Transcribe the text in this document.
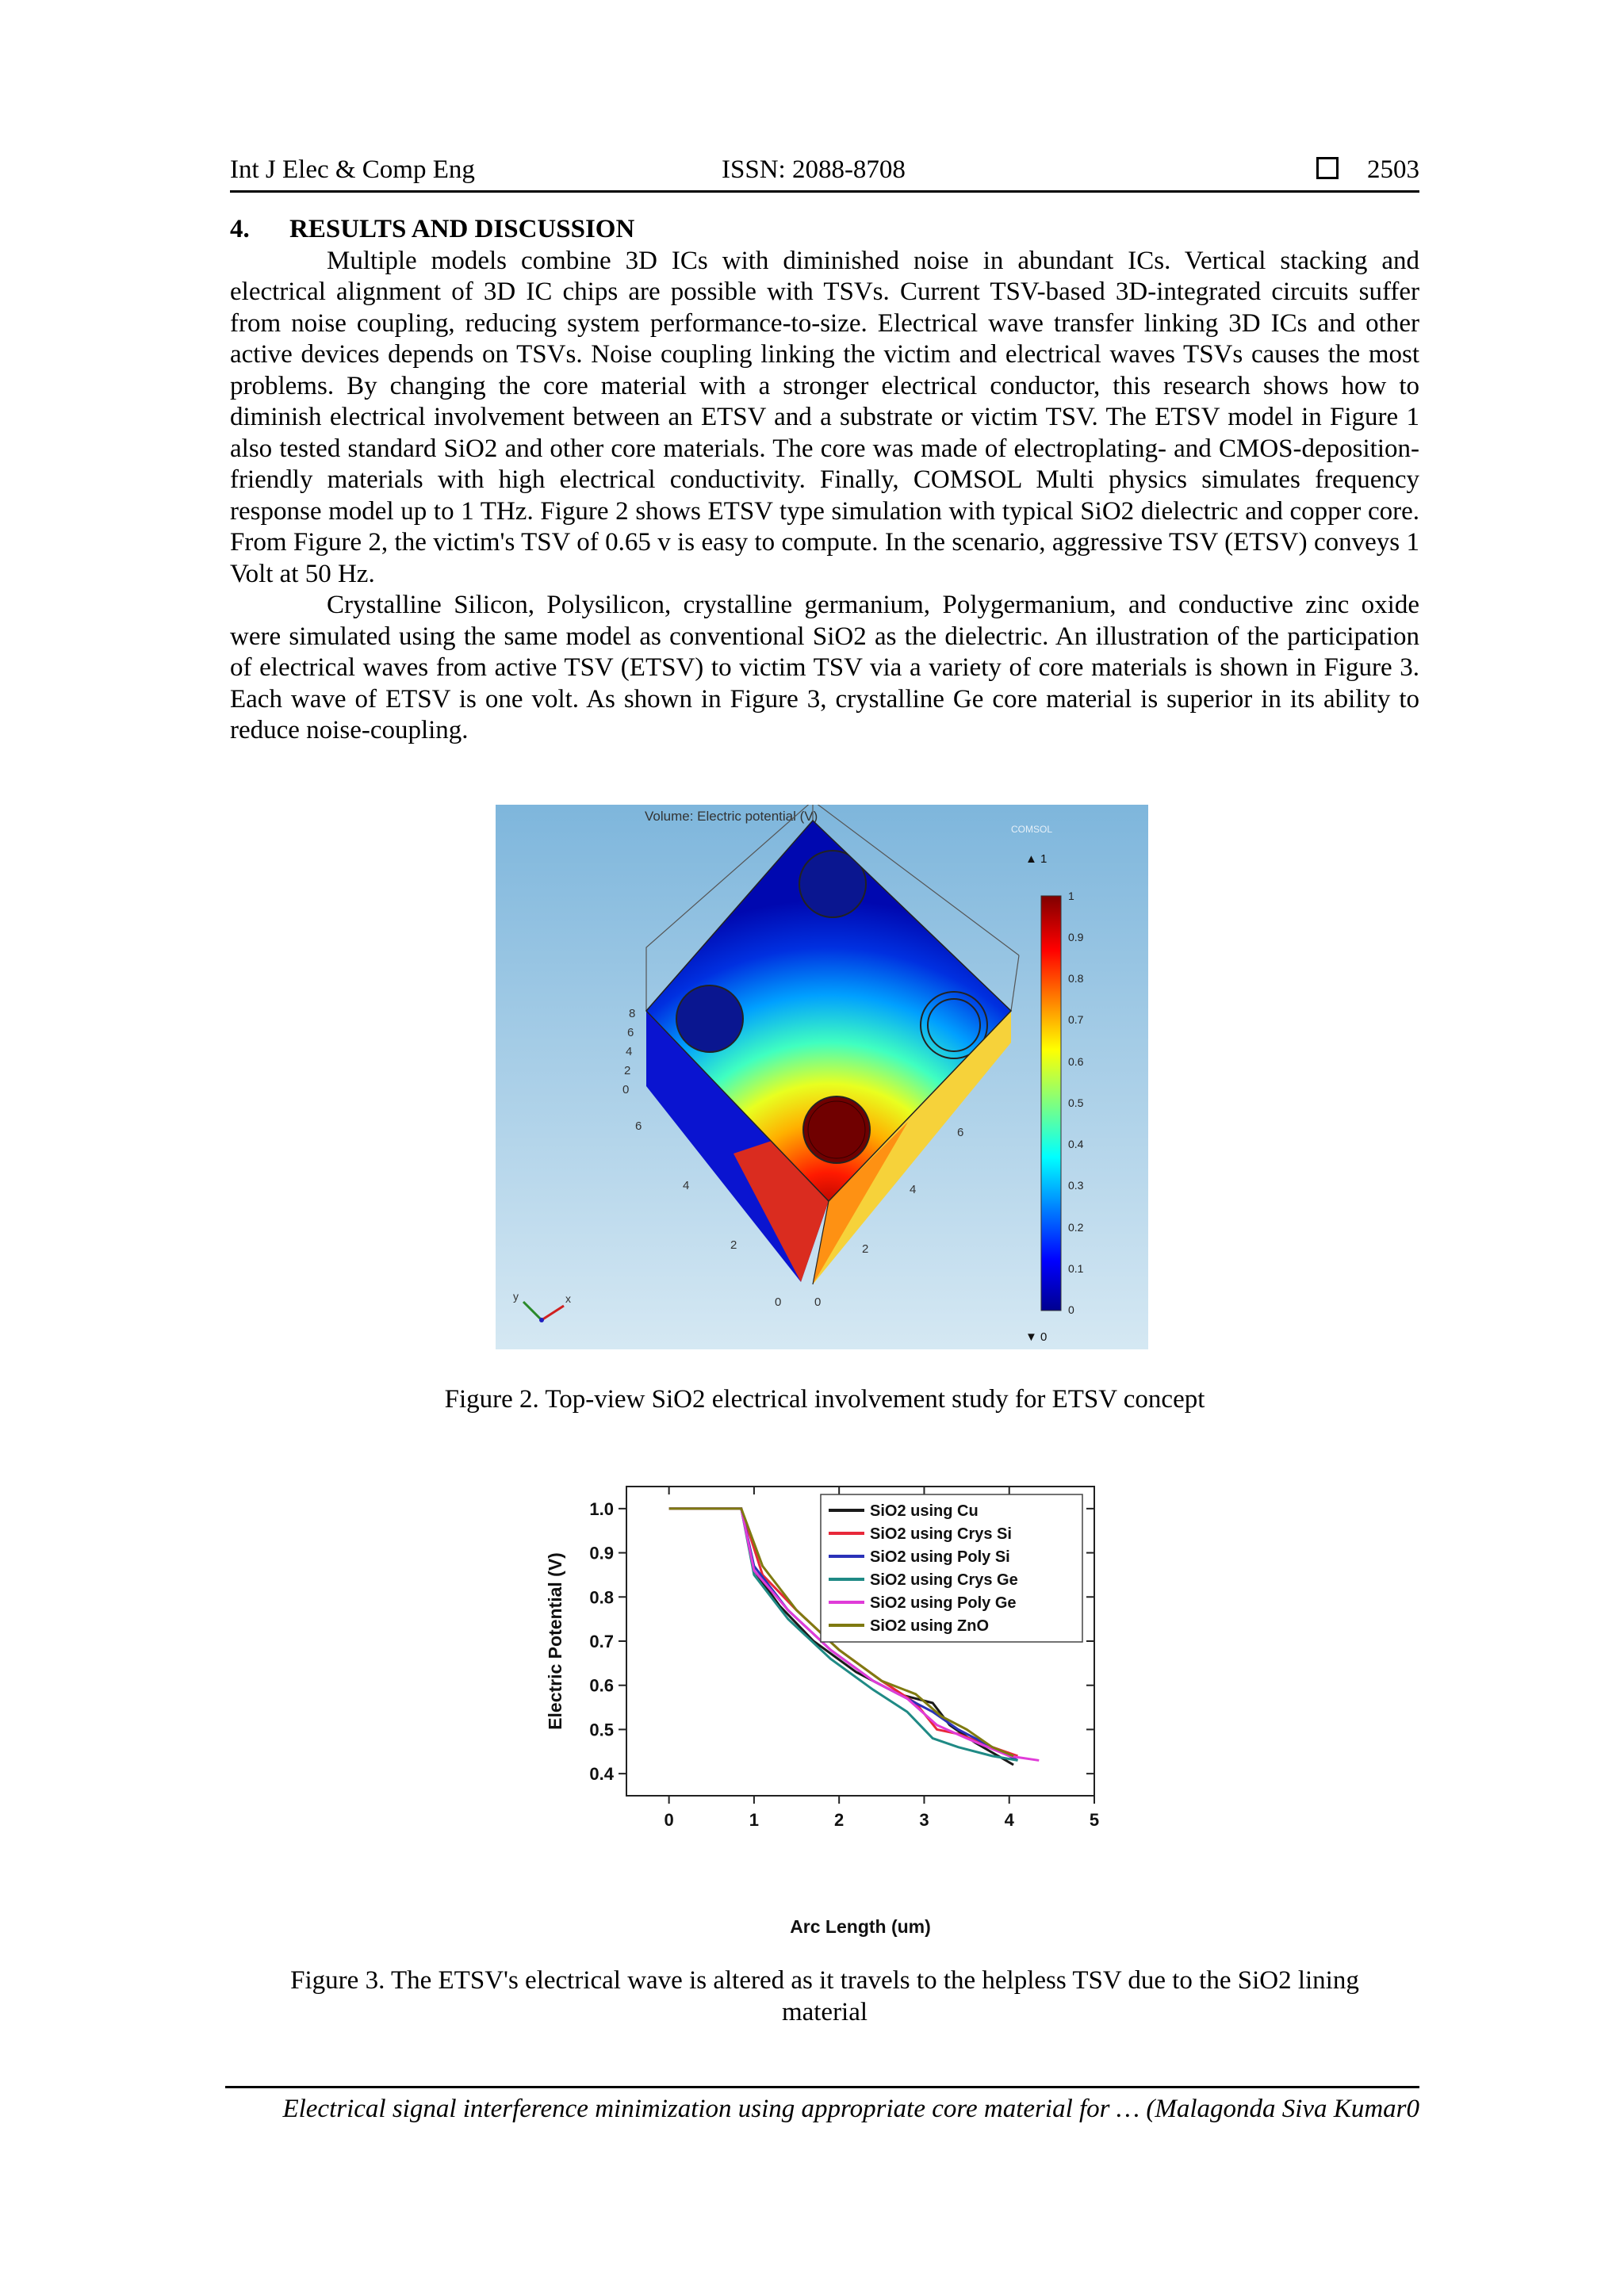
Int J Elec & Comp Eng	ISSN: 2088-8708	2503
4. RESULTS AND DISCUSSION

Multiple models combine 3D ICs with diminished noise in abundant ICs. Vertical stacking and electrical alignment of 3D IC chips are possible with TSVs. Current TSV-based 3D-integrated circuits suffer from noise coupling, reducing system performance-to-size. Electrical wave transfer linking 3D ICs and other active devices depends on TSVs. Noise coupling linking the victim and electrical waves TSVs causes the most problems. By changing the core material with a stronger electrical conductor, this research shows how to diminish electrical involvement between an ETSV and a substrate or victim TSV. The ETSV model in Figure 1 also tested standard SiO2 and other core materials. The core was made of electroplating- and CMOS-deposition-friendly materials with high electrical conductivity. Finally, COMSOL Multi physics simulates frequency response model up to 1 THz. Figure 2 shows ETSV type simulation with typical SiO2 dielectric and copper core. From Figure 2, the victim's TSV of 0.65 v is easy to compute. In the scenario, aggressive TSV (ETSV) conveys 1 Volt at 50 Hz.

Crystalline Silicon, Polysilicon, crystalline germanium, Polygermanium, and conductive zinc oxide were simulated using the same model as conventional SiO2 as the dielectric. An illustration of the participation of electrical waves from active TSV (ETSV) to victim TSV via a variety of core materials is shown in Figure 3. Each wave of ETSV is one volt. As shown in Figure 3, crystalline Ge core material is superior in its ability to reduce noise-coupling.

Volume: Electric potential (V)
COMSOL
8
6
4
2
0
6
4
2
0	0
2
4
6
y	x
▲ 1
1
0.9
0.8
0.7
0.6
0.5
0.4
0.3
0.2
0.1
0
▼ 0
Figure 2. Top-view SiO2 electrical involvement study for ETSV concept
0	1	2	3	4	5
0.4
0.5
0.6
0.7
0.8
0.9
1.0	SiO2 using Cu
SiO2 using Crys Si
SiO2 using Poly Si
SiO2 using Crys Ge
SiO2 using Poly Ge
SiO2 using ZnO
Arc Length (um)
Electric Potential (V)
Figure 3. The ETSV's electrical wave is altered as it travels to the helpless TSV due to the SiO2 lining
material
Electrical signal interference minimization using appropriate core material for … (Malagonda Siva Kumar0
